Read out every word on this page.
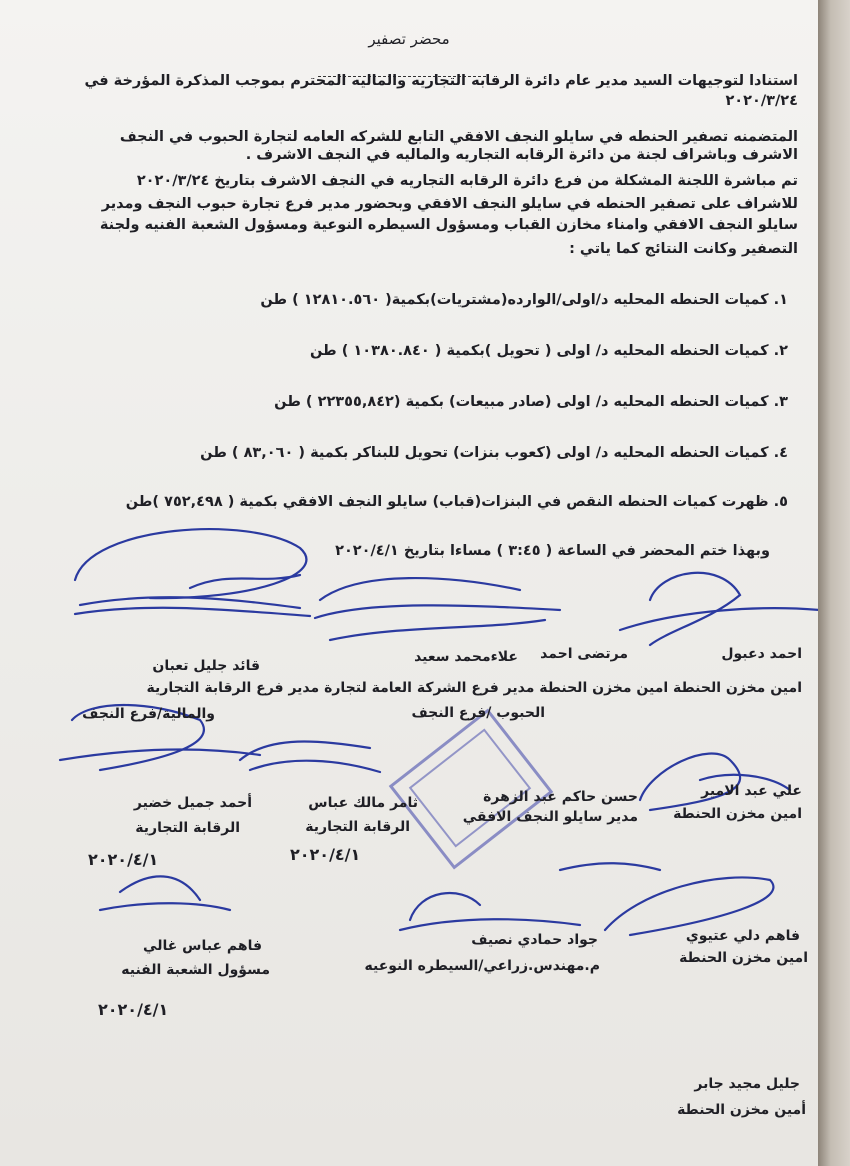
محضر تصفير
استنادا لتوجيهات السيد مدير عام دائرة الرقابه التجاريه والماليه المحترم بموجب المذكرة المؤرخة في
٢٠٢٠/٣/٢٤
المتضمنه تصفير الحنطه في سايلو النجف الافقي التابع للشركه العامه لتجارة الحبوب في النجف
الاشرف وباشراف لجنة من دائرة الرقابه التجاريه والماليه في النجف الاشرف .
تم مباشرة اللجنة المشكلة من فرع دائرة الرقابه التجاريه في النجف الاشرف بتاريخ ٢٠٢٠/٣/٢٤
للاشراف على تصفير الحنطه في سايلو النجف الافقي وبحضور مدير فرع تجارة حبوب النجف ومدير
سايلو النجف الافقي وامناء مخازن القباب ومسؤول السيطره النوعية ومسؤول الشعبة الفنيه ولجنة
التصفير وكانت النتائج كما ياتي :
١. كميات الحنطه المحليه د/اولى/الوارده(مشتريات)بكمية( ١٢٨١٠.٥٦٠ ) طن
٢. كميات الحنطه المحليه د/ اولى ( تحويل )بكمية ( ١٠٣٨٠.٨٤٠ ) طن
٣. كميات الحنطه المحليه د/ اولى (صادر مبيعات) بكمية (٢٢٣٥٥,٨٤٢ ) طن
٤. كميات الحنطه المحليه د/ اولى (كعوب بنزات) تحويل للبناكر بكمية ( ٨٣,٠٦٠ ) طن
٥. ظهرت كميات الحنطه النقص في البنزات(قباب) سايلو النجف الافقي بكمية ( ٧٥٢,٤٩٨ )طن
وبهذا ختم المحضر في الساعة ( ٣:٤٥ ) مساءا بتاريخ ٢٠٢٠/٤/١
احمد دعبول
مرتضى احمد
علاءمحمد سعيد
قائد جليل تعبان
امين مخزن الحنطة امين مخزن الحنطة مدير فرع الشركة العامة لتجارة مدير فرع الرقابة التجارية
الحبوب /فرع النجف
والمالية/فرع النجف
علي عبد الامير
امين مخزن الحنطة
حسن حاكم عبد الزهرة
مدير سايلو النجف الافقي
ثامر مالك عباس
الرقابة التجارية
٢٠٢٠/٤/١
أحمد جميل خضير
الرقابة التجارية
٢٠٢٠/٤/١
فاهم دلي عتيوي
امين مخزن الحنطة
جواد حمادي نصيف
م.مهندس.زراعي/السيطره النوعيه
فاهم عباس غالي
مسؤول الشعبة الفنيه
٢٠٢٠/٤/١
جليل مجيد جابر
أمين مخزن الحنطة
